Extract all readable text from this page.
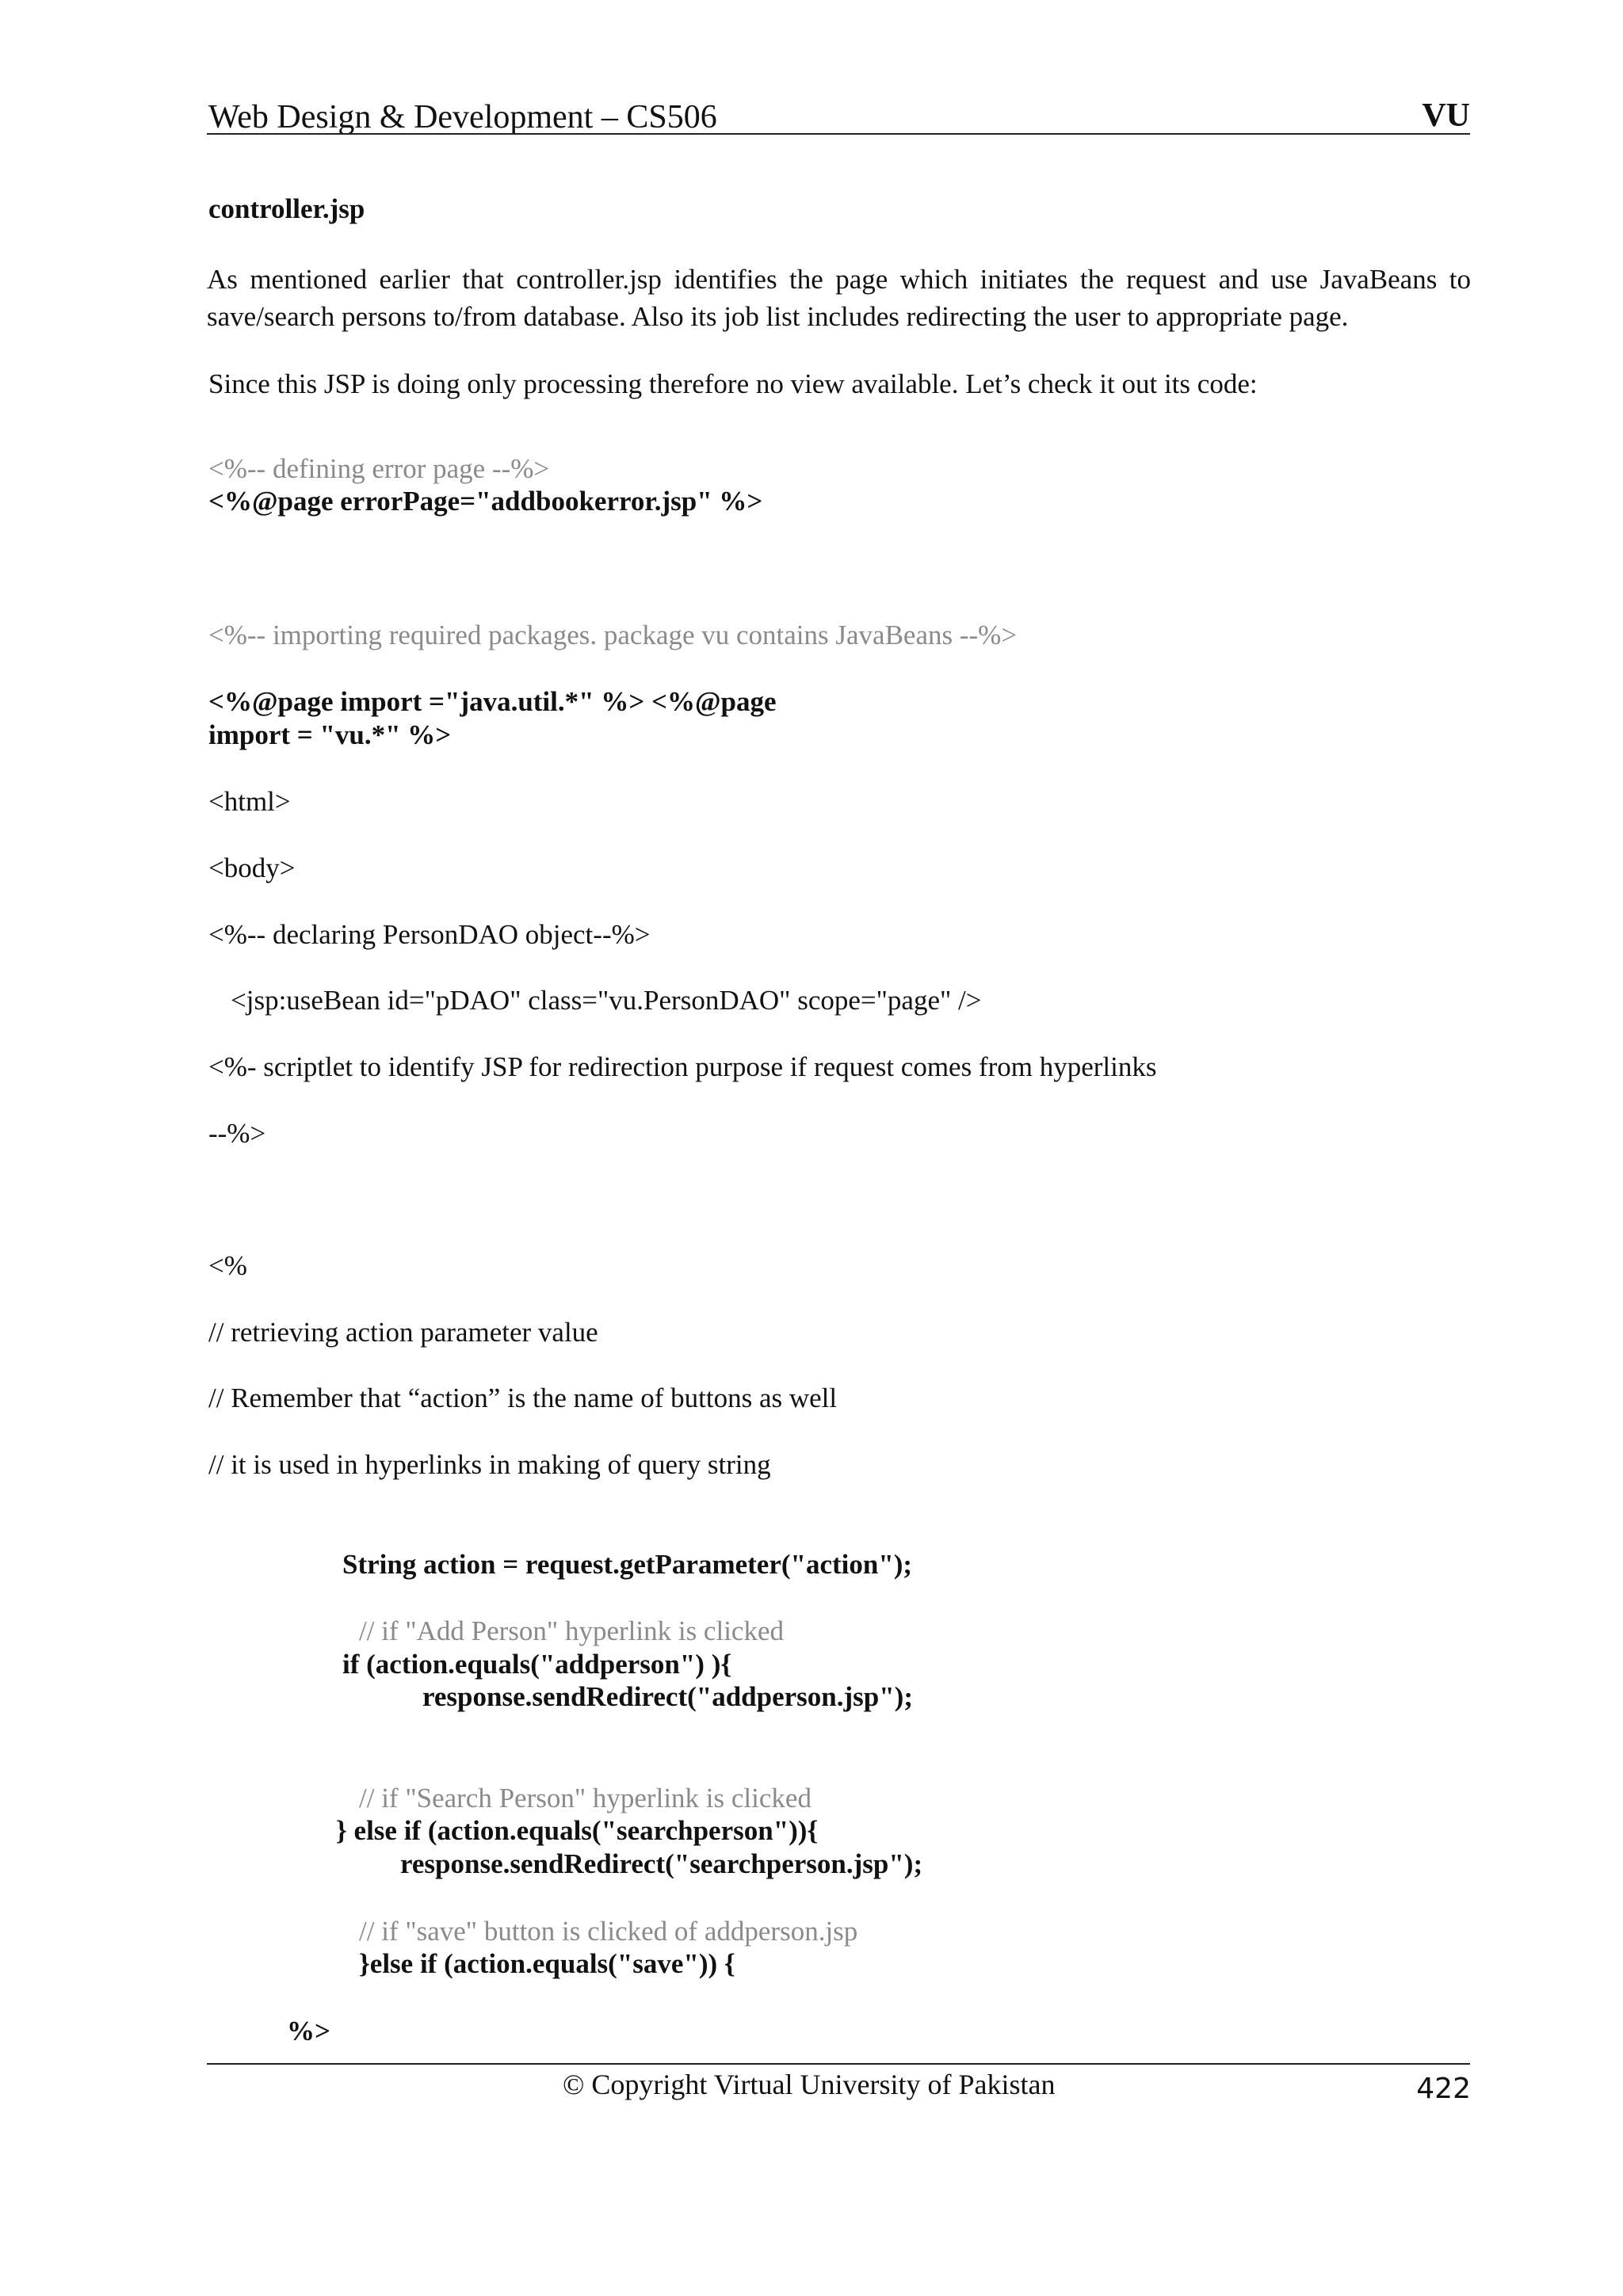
Web Design & Development – CS506	VU
controller.jsp
As mentioned earlier that controller.jsp identifies the page which initiates the request and use JavaBeans to save/search persons to/from database. Also its job list includes redirecting the user to appropriate page.
Since this JSP is doing only processing therefore no view available. Let’s check it out its code:
<%-- defining error page --%>
<%@page errorPage="addbookerror.jsp" %>
<%-- importing required packages. package vu contains JavaBeans --%>
<%@page import ="java.util.*" %> <%@page
import = "vu.*" %>
<html>
<body>
<%-- declaring PersonDAO object--%>
<jsp:useBean id="pDAO" class="vu.PersonDAO" scope="page" />
<%- scriptlet to identify JSP for redirection purpose if request comes from hyperlinks
--%>
<%
// retrieving action parameter value
// Remember that “action” is the name of buttons as well
// it is used in hyperlinks in making of query string
String action = request.getParameter("action");
// if "Add Person" hyperlink is clicked
if (action.equals("addperson") ){
response.sendRedirect("addperson.jsp");
// if "Search Person" hyperlink is clicked
} else if (action.equals("searchperson")){
response.sendRedirect("searchperson.jsp");
// if "save" button is clicked of addperson.jsp
}else if (action.equals("save")) {
%>
© Copyright Virtual University of Pakistan	422
